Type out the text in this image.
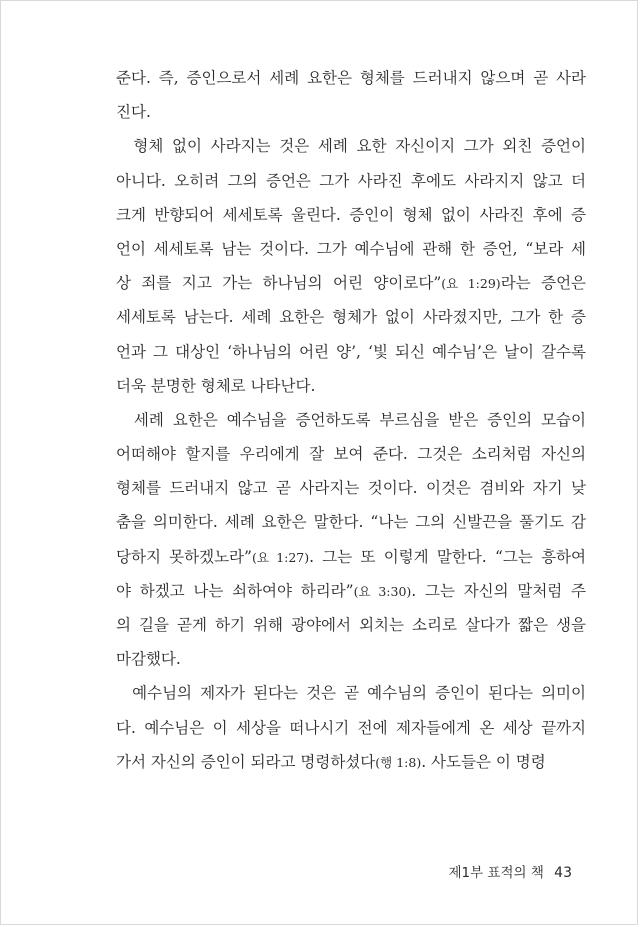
준다. 즉, 증인으로서 세례 요한은 형체를 드러내지 않으며 곧 사라
진다.
형체 없이 사라지는 것은 세례 요한 자신이지 그가 외친 증언이
아니다. 오히려 그의 증언은 그가 사라진 후에도 사라지지 않고 더
크게 반향되어 세세토록 울린다. 증인이 형체 없이 사라진 후에 증
언이 세세토록 남는 것이다. 그가 예수님에 관해 한 증언, “보라 세
상 죄를 지고 가는 하나님의 어린 양이로다”(요 1:29)라는 증언은
세세토록 남는다. 세례 요한은 형체가 없이 사라졌지만, 그가 한 증
언과 그 대상인 ‘하나님의 어린 양’, ‘빛 되신 예수님’은 날이 갈수록
더욱 분명한 형체로 나타난다.
세례 요한은 예수님을 증언하도록 부르심을 받은 증인의 모습이
어떠해야 할지를 우리에게 잘 보여 준다. 그것은 소리처럼 자신의
형체를 드러내지 않고 곧 사라지는 것이다. 이것은 겸비와 자기 낮
춤을 의미한다. 세례 요한은 말한다. “나는 그의 신발끈을 풀기도 감
당하지 못하겠노라”(요 1:27). 그는 또 이렇게 말한다. “그는 흥하여
야 하겠고 나는 쇠하여야 하리라”(요 3:30). 그는 자신의 말처럼 주
의 길을 곧게 하기 위해 광야에서 외치는 소리로 살다가 짧은 생을
마감했다.
예수님의 제자가 된다는 것은 곧 예수님의 증인이 된다는 의미이
다. 예수님은 이 세상을 떠나시기 전에 제자들에게 온 세상 끝까지
가서 자신의 증인이 되라고 명령하셨다(행 1:8). 사도들은 이 명령
제1부 표적의 책 43
